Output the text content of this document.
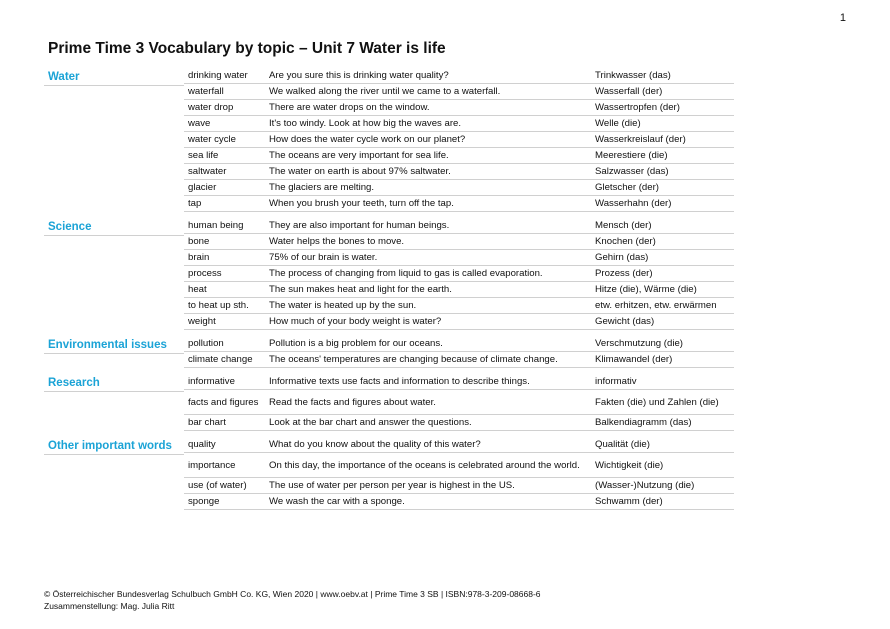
1
Prime Time 3 Vocabulary by topic – Unit 7 Water is life
Water	drinking water	Are you sure this is drinking water quality?	Trinkwasser (das)
waterfall	We walked along the river until we came to a waterfall.	Wasserfall (der)
water drop	There are water drops on the window.	Wassertropfen (der)
wave	It's too windy. Look at how big the waves are.	Welle (die)
water cycle	How does the water cycle work on our planet?	Wasserkreislauf (der)
sea life	The oceans are very important for sea life.	Meerestiere (die)
saltwater	The water on earth is about 97% saltwater.	Salzwasser (das)
glacier	The glaciers are melting.	Gletscher (der)
tap	When you brush your teeth, turn off the tap.	Wasserhahn (der)
Science	human being	They are also important for human beings.	Mensch (der)
bone	Water helps the bones to move.	Knochen (der)
brain	75% of our brain is water.	Gehirn (das)
process	The process of changing from liquid to gas is called evaporation.	Prozess (der)
heat	The sun makes heat and light for the earth.	Hitze (die), Wärme (die)
to heat up sth.	The water is heated up by the sun.	etw. erhitzen, etw. erwärmen
weight	How much of your body weight is water?	Gewicht (das)
Environmental issues	pollution	Pollution is a big problem for our oceans.	Verschmutzung (die)
climate change	The oceans' temperatures are changing because of climate change.	Klimawandel (der)
Research	informative	Informative texts use facts and information to describe things.	informativ
facts and figures	Read the facts and figures about water.	Fakten (die) und Zahlen (die)
bar chart	Look at the bar chart and answer the questions.	Balkendiagramm (das)
Other important words	quality	What do you know about the quality of this water?	Qualität (die)
importance	On this day, the importance of the oceans is celebrated around the world.	Wichtigkeit (die)
use (of water)	The use of water per person per year is highest in the US.	(Wasser-)Nutzung (die)
sponge	We wash the car with a sponge.	Schwamm (der)
© Österreichischer Bundesverlag Schulbuch GmbH Co. KG, Wien 2020 | www.oebv.at | Prime Time 3 SB | ISBN:978-3-209-08668-6
Zusammenstellung: Mag. Julia Ritt
